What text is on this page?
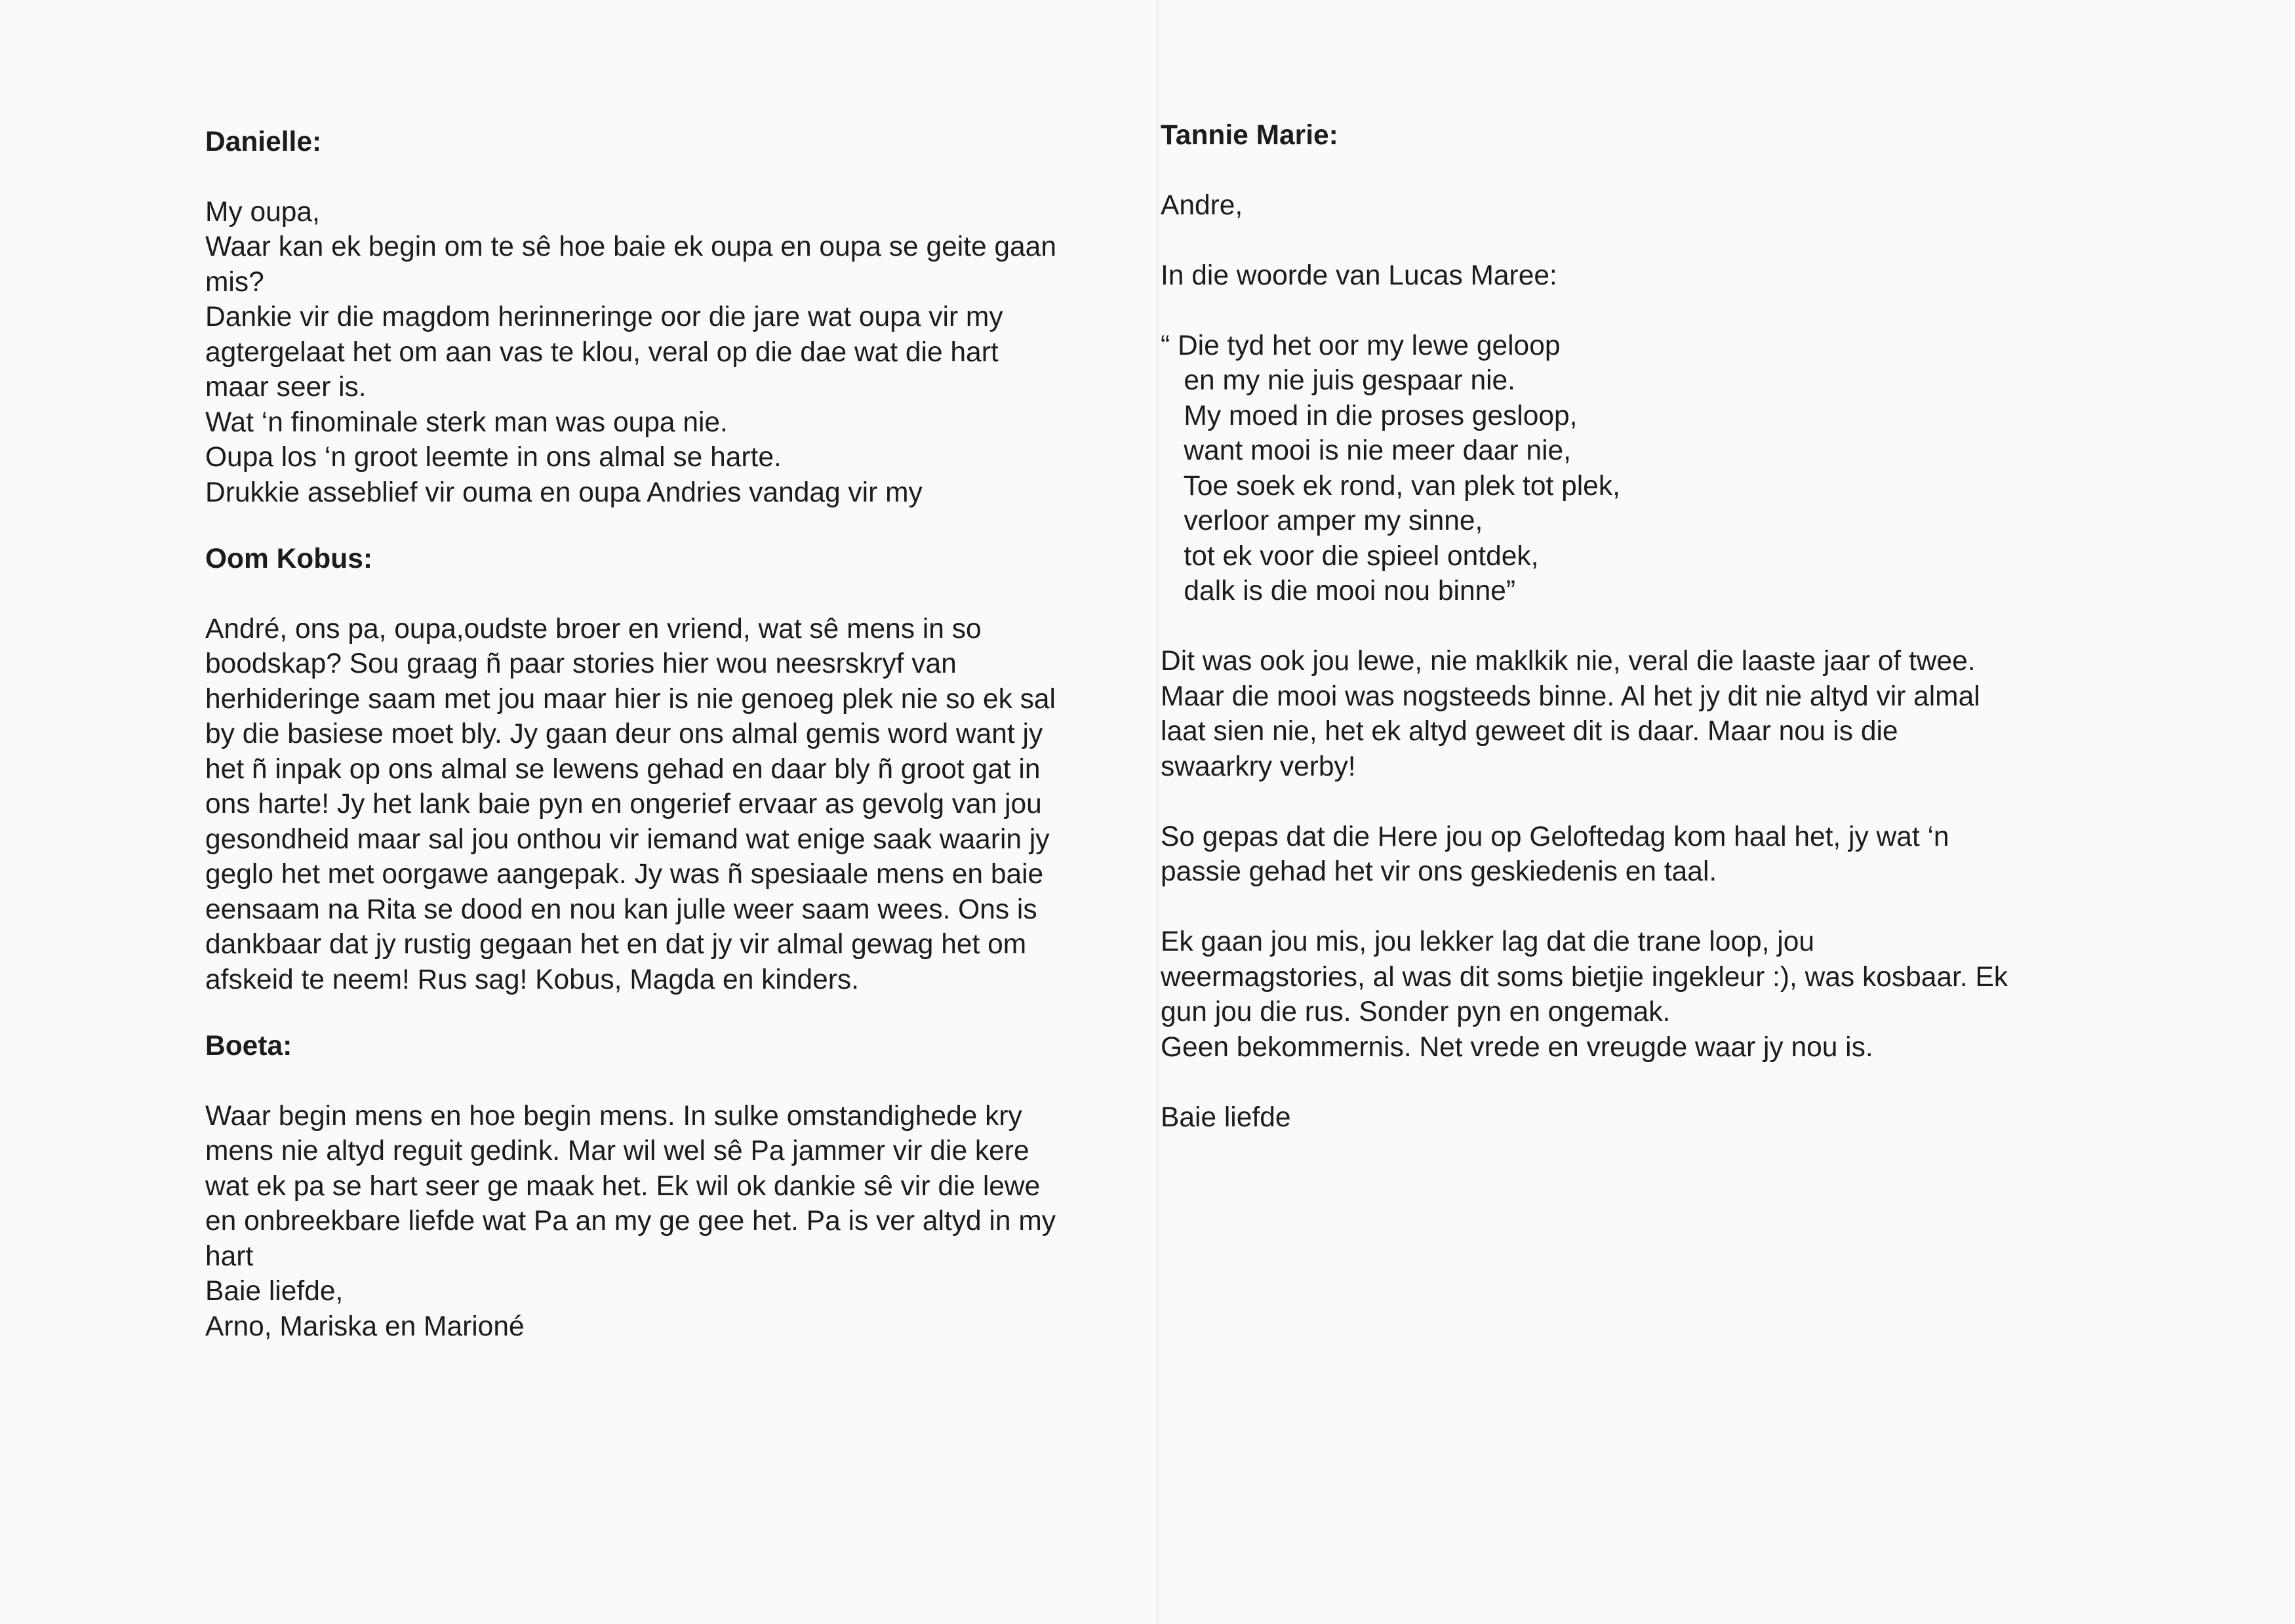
Danielle:
My oupa,
Waar kan ek begin om te sê hoe baie ek oupa en oupa se geite gaan
mis?
Dankie vir die magdom herinneringe oor die jare wat oupa vir my
agtergelaat het om aan vas te klou, veral op die dae wat die hart
maar seer is.
Wat ‘n finominale sterk man was oupa nie.
Oupa los ‘n groot leemte in ons almal se harte.
Drukkie asseblief vir ouma en oupa Andries vandag vir my
Oom Kobus:
André, ons pa, oupa,oudste broer en vriend, wat sê mens in so
boodskap? Sou graag ñ paar stories hier wou neesrskryf van
herhideringe saam met jou maar hier is nie genoeg plek nie so ek sal
by die basiese moet bly. Jy gaan deur ons almal gemis word want jy
het ñ inpak op ons almal se lewens gehad en daar bly ñ groot gat in
ons harte! Jy het lank baie pyn en ongerief ervaar as gevolg van jou
gesondheid maar sal jou onthou vir iemand wat enige saak waarin jy
geglo het met oorgawe aangepak. Jy was ñ spesiaale mens en baie
eensaam na Rita se dood en nou kan julle weer saam wees. Ons is
dankbaar dat jy rustig gegaan het en dat jy vir almal gewag het om
afskeid te neem! Rus sag! Kobus, Magda en kinders.
Boeta:
Waar begin mens en hoe begin mens. In sulke omstandighede kry
mens nie altyd reguit gedink. Mar wil wel sê Pa jammer vir die kere
wat ek pa se hart seer ge maak het. Ek wil ok dankie sê vir die lewe
en onbreekbare liefde wat Pa an my ge gee het. Pa is ver altyd in my
hart
Baie liefde,
Arno, Mariska en Marioné
Tannie Marie:
Andre,
In die woorde van Lucas Maree:
“ Die tyd het oor my lewe geloop
en my nie juis gespaar nie.
My moed in die proses gesloop,
want mooi is nie meer daar nie,
Toe soek ek rond, van plek tot plek,
verloor amper my sinne,
tot ek voor die spieel ontdek,
dalk is die mooi nou binne”
Dit was ook jou lewe, nie maklkik nie, veral die laaste jaar of twee.
Maar die mooi was nogsteeds binne. Al het jy dit nie altyd vir almal
laat sien nie, het ek altyd geweet dit is daar. Maar nou is die
swaarkry verby!
So gepas dat die Here jou op Geloftedag kom haal het, jy wat ‘n
passie gehad het vir ons geskiedenis en taal.
Ek gaan jou mis, jou lekker lag dat die trane loop, jou
weermagstories, al was dit soms bietjie ingekleur :), was kosbaar. Ek
gun jou die rus. Sonder pyn en ongemak.
Geen bekommernis. Net vrede en vreugde waar jy nou is.
Baie liefde
